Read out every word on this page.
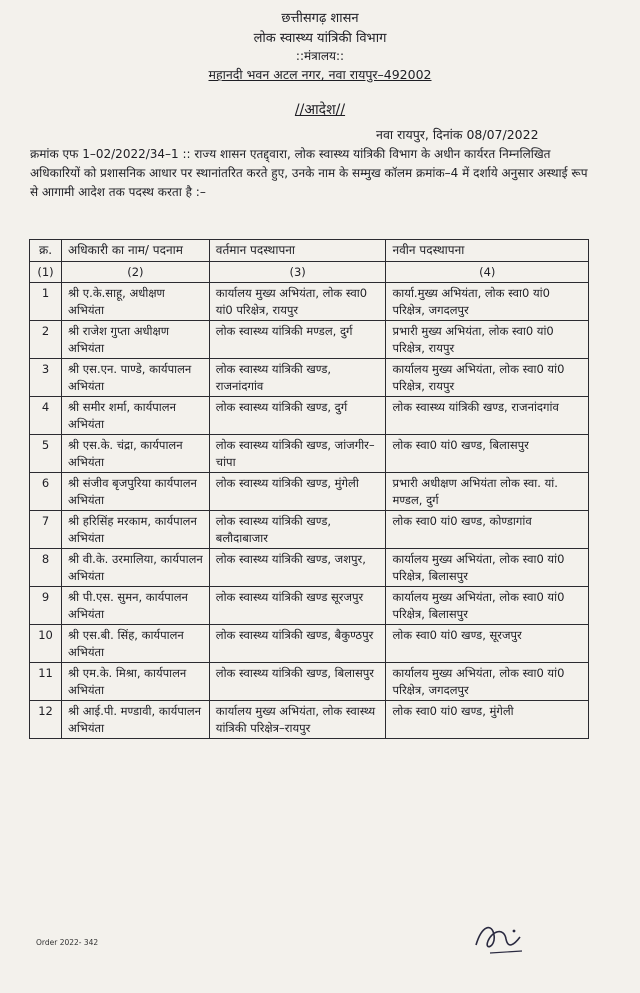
छत्तीसगढ़ शासन
लोक स्वास्थ्य यांत्रिकी विभाग
::मंत्रालय::
महानदी भवन अटल नगर, नवा रायपुर–492002
//आदेश//
नवा रायपुर, दिनांक 08/07/2022
क्रमांक एफ 1–02/2022/34–1 :: राज्य शासन एतद्द्वारा, लोक स्वास्थ्य यांत्रिकी विभाग के अधीन कार्यरत निम्नलिखित अधिकारियों को प्रशासनिक आधार पर स्थानांतरित करते हुए, उनके नाम के सम्मुख कॉलम क्रमांक–4 में दर्शाये अनुसार अस्थाई रूप से आगामी आदेश तक पदस्थ करता है :–
क्र.	अधिकारी का नाम/ पदनाम	वर्तमान पदस्थापना	नवीन पदस्थापना
(1)	(2)	(3)	(4)
1	श्री ए.के.साहू, अधीक्षण अभियंता	कार्यालय मुख्य अभियंता, लोक स्वा0 यां0 परिक्षेत्र, रायपुर	कार्या.मुख्य अभियंता, लोक स्वा0 यां0 परिक्षेत्र, जगदलपुर
2	श्री राजेश गुप्ता अधीक्षण अभियंता	लोक स्वास्थ्य यांत्रिकी मण्डल, दुर्ग	प्रभारी मुख्य अभियंता, लोक स्वा0 यां0 परिक्षेत्र, रायपुर
3	श्री एस.एन. पाण्डे, कार्यपालन अभियंता	लोक स्वास्थ्य यांत्रिकी खण्ड, राजनांदगांव	कार्यालय मुख्य अभियंता, लोक स्वा0 यां0 परिक्षेत्र, रायपुर
4	श्री समीर शर्मा, कार्यपालन अभियंता	लोक स्वास्थ्य यांत्रिकी खण्ड, दुर्ग	लोक स्वास्थ्य यांत्रिकी खण्ड, राजनांदगांव
5	श्री एस.के. चंद्रा, कार्यपालन अभियंता	लोक स्वास्थ्य यांत्रिकी खण्ड, जांजगीर–चांपा	लोक स्वा0 यां0 खण्ड, बिलासपुर
6	श्री संजीव बृजपुरिया कार्यपालन अभियंता	लोक स्वास्थ्य यांत्रिकी खण्ड, मुंगेली	प्रभारी अधीक्षण अभियंता लोक स्वा. यां. मण्डल, दुर्ग
7	श्री हरिसिंह मरकाम, कार्यपालन अभियंता	लोक स्वास्थ्य यांत्रिकी खण्ड, बलौदाबाजार	लोक स्वा0 यां0 खण्ड, कोण्डागांव
8	श्री वी.के. उरमालिया, कार्यपालन अभियंता	लोक स्वास्थ्य यांत्रिकी खण्ड, जशपुर,	कार्यालय मुख्य अभियंता, लोक स्वा0 यां0 परिक्षेत्र, बिलासपुर
9	श्री पी.एस. सुमन, कार्यपालन अभियंता	लोक स्वास्थ्य यांत्रिकी खण्ड सूरजपुर	कार्यालय मुख्य अभियंता, लोक स्वा0 यां0 परिक्षेत्र, बिलासपुर
10	श्री एस.बी. सिंह, कार्यपालन अभियंता	लोक स्वास्थ्य यांत्रिकी खण्ड, बैकुण्ठपुर	लोक स्वा0 यां0 खण्ड, सूरजपुर
11	श्री एम.के. मिश्रा, कार्यपालन अभियंता	लोक स्वास्थ्य यांत्रिकी खण्ड, बिलासपुर	कार्यालय मुख्य अभियंता, लोक स्वा0 यां0 परिक्षेत्र, जगदलपुर
12	श्री आई.पी. मण्डावी, कार्यपालन अभियंता	कार्यालय मुख्य अभियंता, लोक स्वास्थ्य यांत्रिकी परिक्षेत्र–रायपुर	लोक स्वा0 यां0 खण्ड, मुंगेली
Order 2022- 342
